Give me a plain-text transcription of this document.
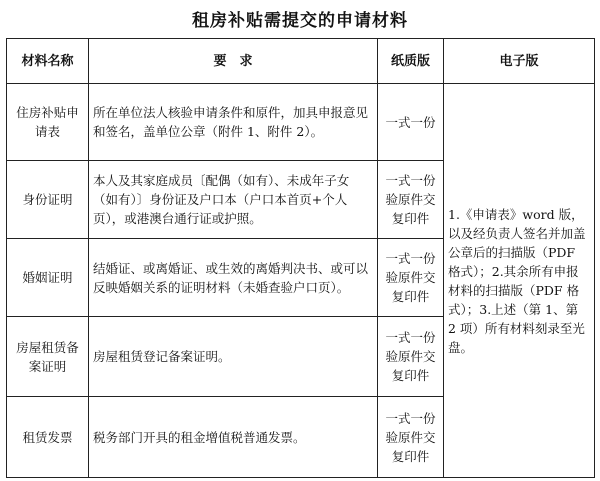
租房补贴需提交的申请材料
材料名称	要　求	纸质版	电子版
住房补贴申请表	所在单位法人核验申请条件和原件，加具申报意见和签名，盖单位公章（附件 1、附件 2）。	一式一份	1.《申请表》word 版，以及经负责人签名并加盖公章后的扫描版（PDF 格式）；2.其余所有申报材料的扫描版（PDF 格式）；3.上述（第 1、第 2 项）所有材料刻录至光盘。
身份证明	本人及其家庭成员〔配偶（如有）、未成年子女（如有）〕身份证及户口本（户口本首页+个人页），或港澳台通行证或护照。	一式一份验原件交复印件	
婚姻证明	结婚证、或离婚证、或生效的离婚判决书、或可以反映婚姻关系的证明材料（未婚查验户口页）。	一式一份验原件交复印件	
房屋租赁备案证明	房屋租赁登记备案证明。	一式一份验原件交复印件	
租赁发票	税务部门开具的租金增值税普通发票。	一式一份验原件交复印件	
